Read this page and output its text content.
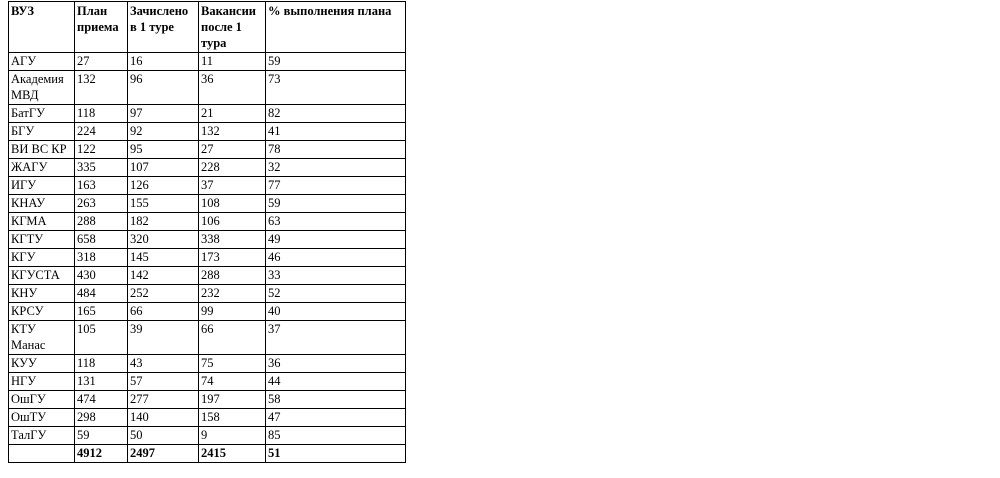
ВУЗ	План приема	Зачислено в 1 туре	Вакансии после 1 тура	% выполнения плана
АГУ	27	16	11	59
Академия МВД	132	96	36	73
БатГУ	118	97	21	82
БГУ	224	92	132	41
ВИ ВС КР	122	95	27	78
ЖАГУ	335	107	228	32
ИГУ	163	126	37	77
КНАУ	263	155	108	59
КГМА	288	182	106	63
КГТУ	658	320	338	49
КГУ	318	145	173	46
КГУСТА	430	142	288	33
КНУ	484	252	232	52
КРСУ	165	66	99	40
КТУ Манас	105	39	66	37
КУУ	118	43	75	36
НГУ	131	57	74	44
ОшГУ	474	277	197	58
ОшТУ	298	140	158	47
ТалГУ	59	50	9	85
	4912	2497	2415	51
